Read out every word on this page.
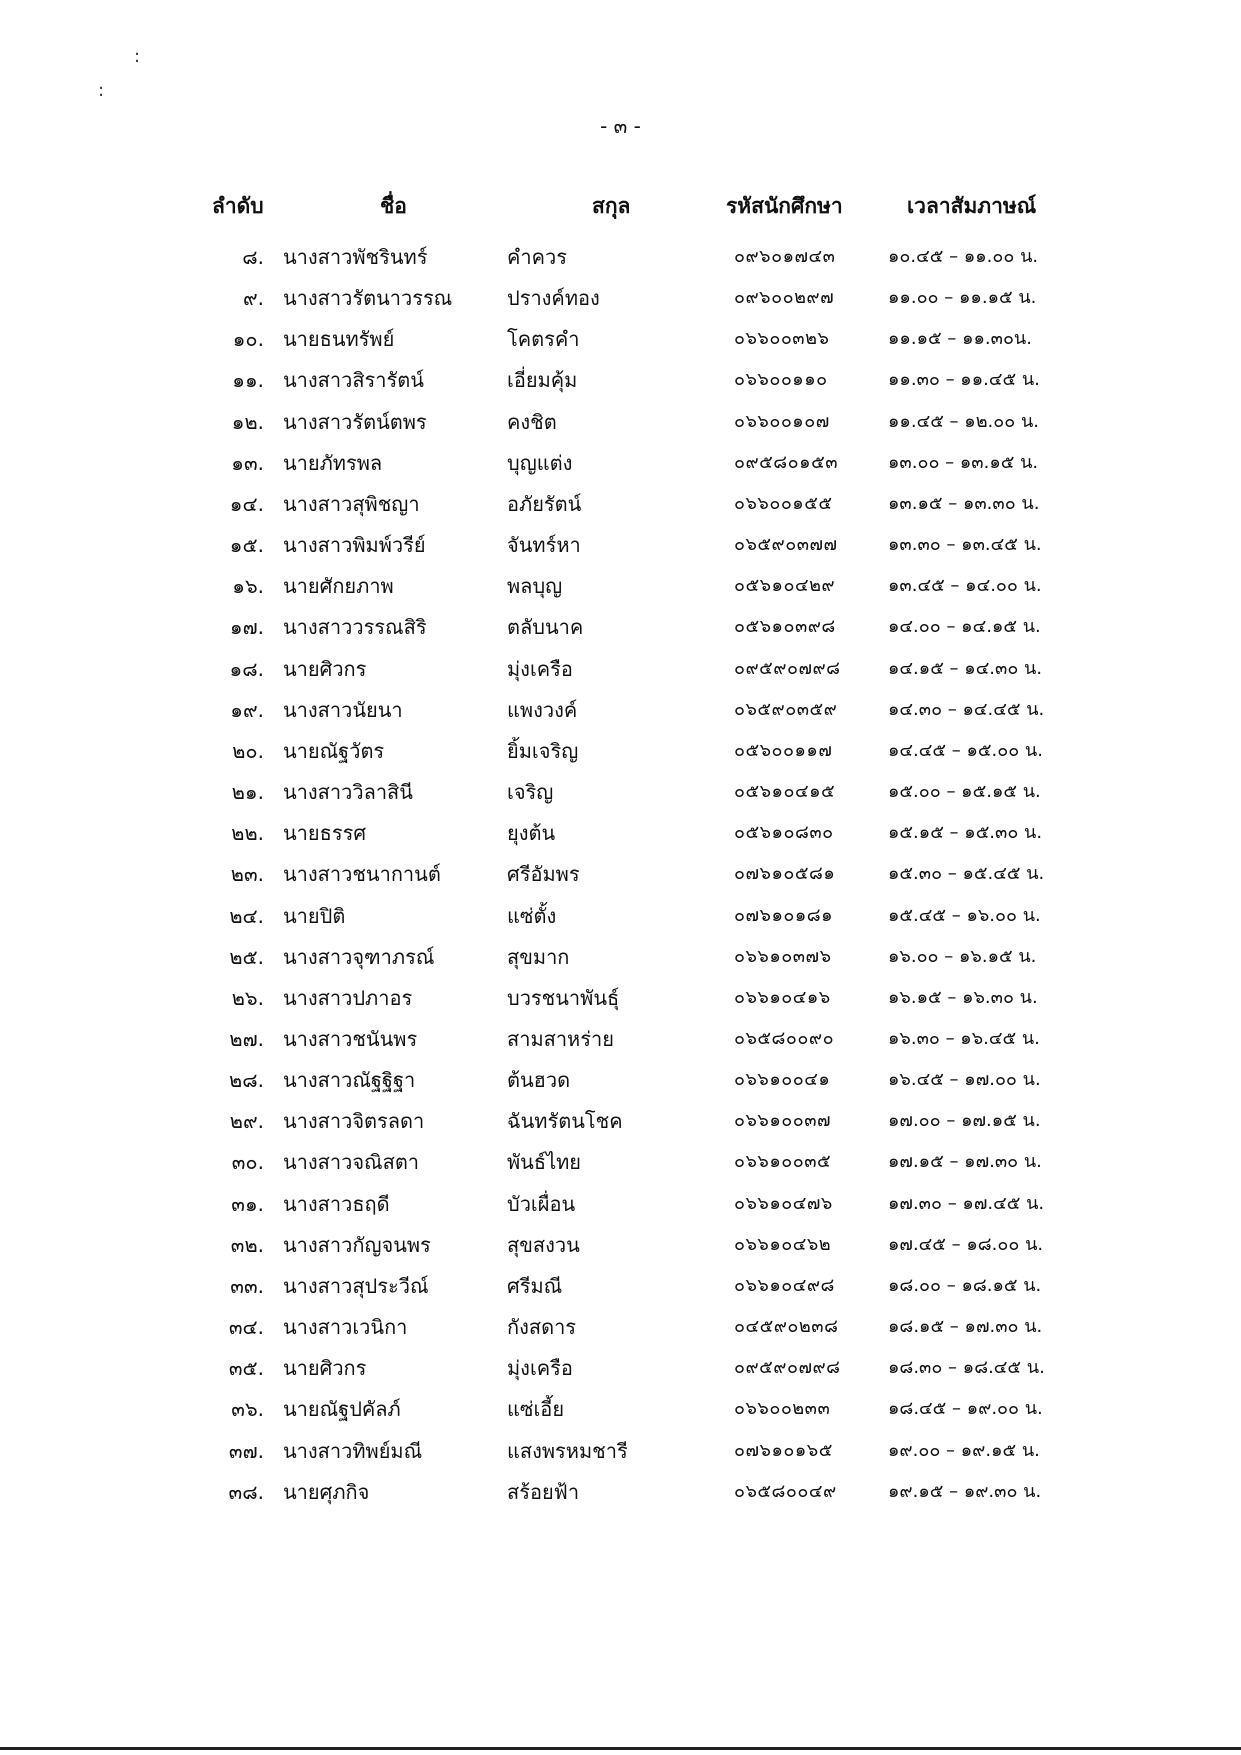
:
:
- ๓ -
ลำดับ	ชื่อ	สกุล	รหัสนักศึกษา	เวลาสัมภาษณ์
๘. นางสาวพัชรินทร์	คำควร	๐๙๖๐๑๗๔๓	๑๐.๔๕ – ๑๑.๐๐ น.
๙. นางสาวรัตนาวรรณ	ปรางค์ทอง	๐๙๖๐๐๒๙๗	๑๑.๐๐ – ๑๑.๑๕ น.
๑๐. นายธนทรัพย์	โคตรคำ	๐๖๖๐๐๓๒๖	๑๑.๑๕ – ๑๑.๓๐น.
๑๑. นางสาวสิรารัตน์	เอี่ยมคุ้ม	๐๖๖๐๐๑๑๐	๑๑.๓๐ – ๑๑.๔๕ น.
๑๒. นางสาวรัตน์ตพร	คงชิต	๐๖๖๐๐๑๐๗	๑๑.๔๕ – ๑๒.๐๐ น.
๑๓. นายภัทรพล	บุญแต่ง	๐๙๕๘๐๑๕๓	๑๓.๐๐ – ๑๓.๑๕ น.
๑๔. นางสาวสุพิชญา	อภัยรัตน์	๐๖๖๐๐๑๕๕	๑๓.๑๕ – ๑๓.๓๐ น.
๑๕. นางสาวพิมพ์วรีย์	จันทร์หา	๐๖๕๙๐๓๗๗	๑๓.๓๐ – ๑๓.๔๕ น.
๑๖. นายศักยภาพ	พลบุญ	๐๕๖๑๐๔๒๙	๑๓.๔๕ – ๑๔.๐๐ น.
๑๗. นางสาววรรณสิริ	ตลับนาค	๐๕๖๑๐๓๙๘	๑๔.๐๐ – ๑๔.๑๕ น.
๑๘. นายศิวกร	มุ่งเครือ	๐๙๕๙๐๗๙๘	๑๔.๑๕ – ๑๔.๓๐ น.
๑๙. นางสาวนัยนา	แพงวงค์	๐๖๕๙๐๓๕๙	๑๔.๓๐ – ๑๔.๔๕ น.
๒๐. นายณัฐวัตร	ยิ้มเจริญ	๐๕๖๐๐๑๑๗	๑๔.๔๕ – ๑๕.๐๐ น.
๒๑. นางสาววิลาสินี	เจริญ	๐๕๖๑๐๔๑๕	๑๕.๐๐ – ๑๕.๑๕ น.
๒๒. นายธรรศ	ยุงต้น	๐๕๖๑๐๘๓๐	๑๕.๑๕ – ๑๕.๓๐ น.
๒๓. นางสาวชนากานต์	ศรีอัมพร	๐๗๖๑๐๕๘๑	๑๕.๓๐ – ๑๕.๔๕ น.
๒๔. นายปิติ	แซ่ตั้ง	๐๗๖๑๐๑๘๑	๑๕.๔๕ – ๑๖.๐๐ น.
๒๕. นางสาวจุฑาภรณ์	สุขมาก	๐๖๖๑๐๓๗๖	๑๖.๐๐ – ๑๖.๑๕ น.
๒๖. นางสาวปภาอร	บวรชนาพันธุ์	๐๖๖๑๐๔๑๖	๑๖.๑๕ – ๑๖.๓๐ น.
๒๗. นางสาวชนันพร	สามสาหร่าย	๐๖๕๘๐๐๙๐	๑๖.๓๐ – ๑๖.๔๕ น.
๒๘. นางสาวณัฐฐิฐา	ต้นฮวด	๐๖๖๑๐๐๔๑	๑๖.๔๕ – ๑๗.๐๐ น.
๒๙. นางสาวจิตรลดา	ฉันทรัตนโชค	๐๖๖๑๐๐๓๗	๑๗.๐๐ – ๑๗.๑๕ น.
๓๐. นางสาวจณิสตา	พันธ์ไทย	๐๖๖๑๐๐๓๕	๑๗.๑๕ – ๑๗.๓๐ น.
๓๑. นางสาวธฤดี	บัวเผื่อน	๐๖๖๑๐๔๗๖	๑๗.๓๐ – ๑๗.๔๕ น.
๓๒. นางสาวกัญจนพร	สุขสงวน	๐๖๖๑๐๔๖๒	๑๗.๔๕ – ๑๘.๐๐ น.
๓๓. นางสาวสุประวีณ์	ศรีมณี	๐๖๖๑๐๔๙๘	๑๘.๐๐ – ๑๘.๑๕ น.
๓๔. นางสาวเวนิกา	กังสดาร	๐๔๕๙๐๒๓๘	๑๘.๑๕ – ๑๗.๓๐ น.
๓๕. นายศิวกร	มุ่งเครือ	๐๙๕๙๐๗๙๘	๑๘.๓๐ – ๑๘.๔๕ น.
๓๖. นายณัฐปคัลภ์	แซ่เอี้ย	๐๖๖๐๐๒๓๓	๑๘.๔๕ – ๑๙.๐๐ น.
๓๗. นางสาวทิพย์มณี	แสงพรหมชารี	๐๗๖๑๐๑๖๕	๑๙.๐๐ – ๑๙.๑๕ น.
๓๘. นายศุภกิจ	สร้อยฟ้า	๐๖๕๘๐๐๔๙	๑๙.๑๕ – ๑๙.๓๐ น.
